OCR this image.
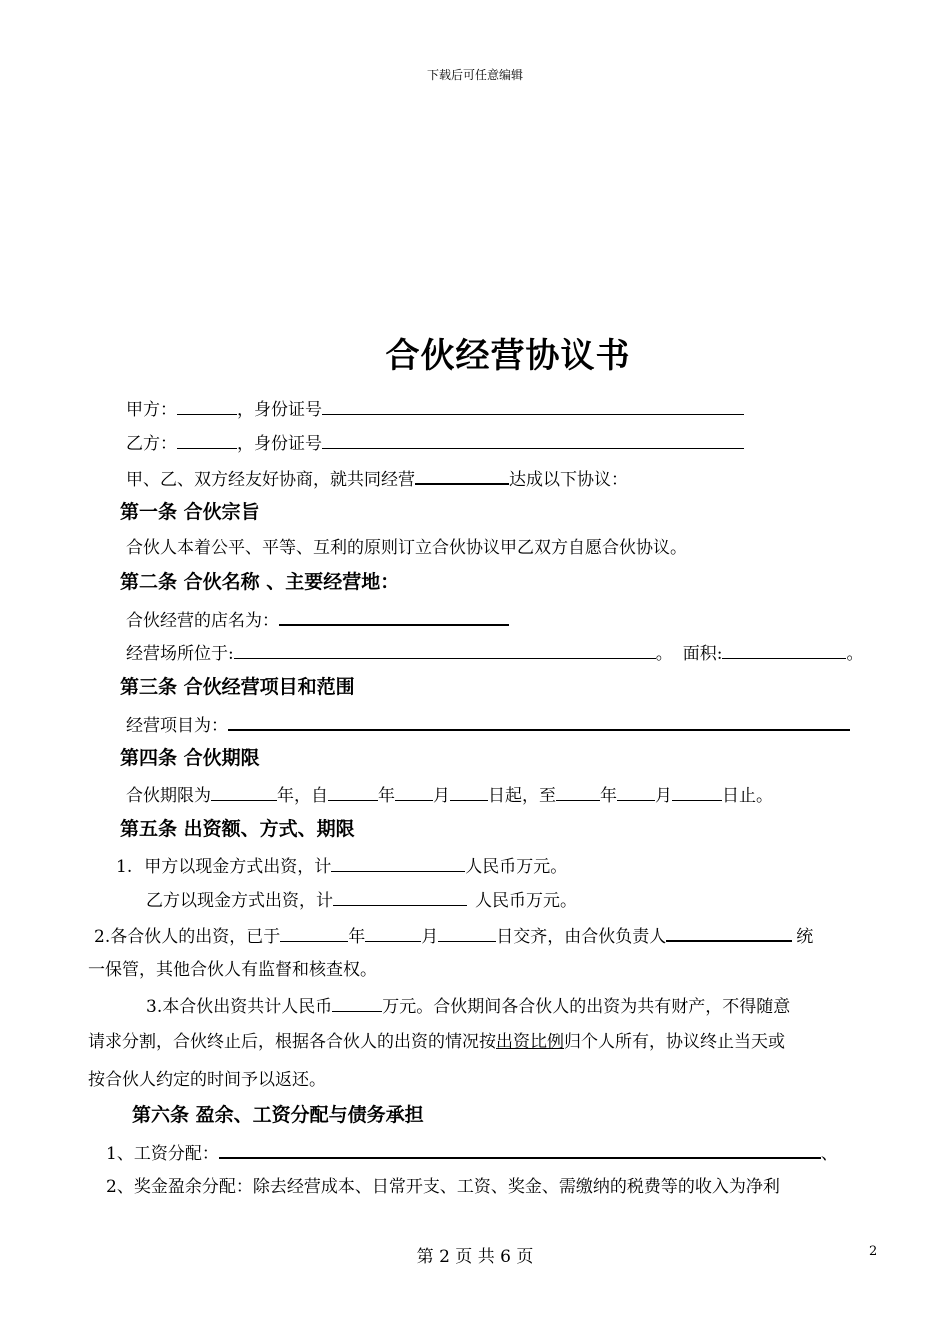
下载后可任意编辑
合伙经营协议书
甲方：	，身份证号
乙方：	，身份证号
甲、乙、双方经友好协商，就共同经营	达成以下协议：
第一条 合伙宗旨
合伙人本着公平、平等、互利的原则订立合伙协议甲乙双方自愿合伙协议。
第二条 合伙名称 、主要经营地：
合伙经营的店名为：
经营场所位于:	。 面积:	。
第三条 合伙经营项目和范围
经营项目为：
第四条 合伙期限
合伙期限为	年，自	年 月 日起，至	年 月	日止。
第五条 出资额、方式、期限
1. 甲方以现金方式出资，计	人民币万元。
乙方以现金方式出资，计	人民币万元。
2.各合伙人的出资，已于	年	月	日交齐，由合伙负责人	统
一保管，其他合伙人有监督和核查权。
3.本合伙出资共计人民币	万元。合伙期间各合伙人的出资为共有财产，不得随意
请求分割，合伙终止后，根据各合伙人的出资的情况按出资比例归个人所有，协议终止当天或
按合伙人约定的时间予以返还。
第六条 盈余、工资分配与债务承担
1、工资分配：	、
2、奖金盈余分配：除去经营成本、日常开支、工资、奖金、需缴纳的税费等的收入为净利
第 2 页 共 6 页	2
